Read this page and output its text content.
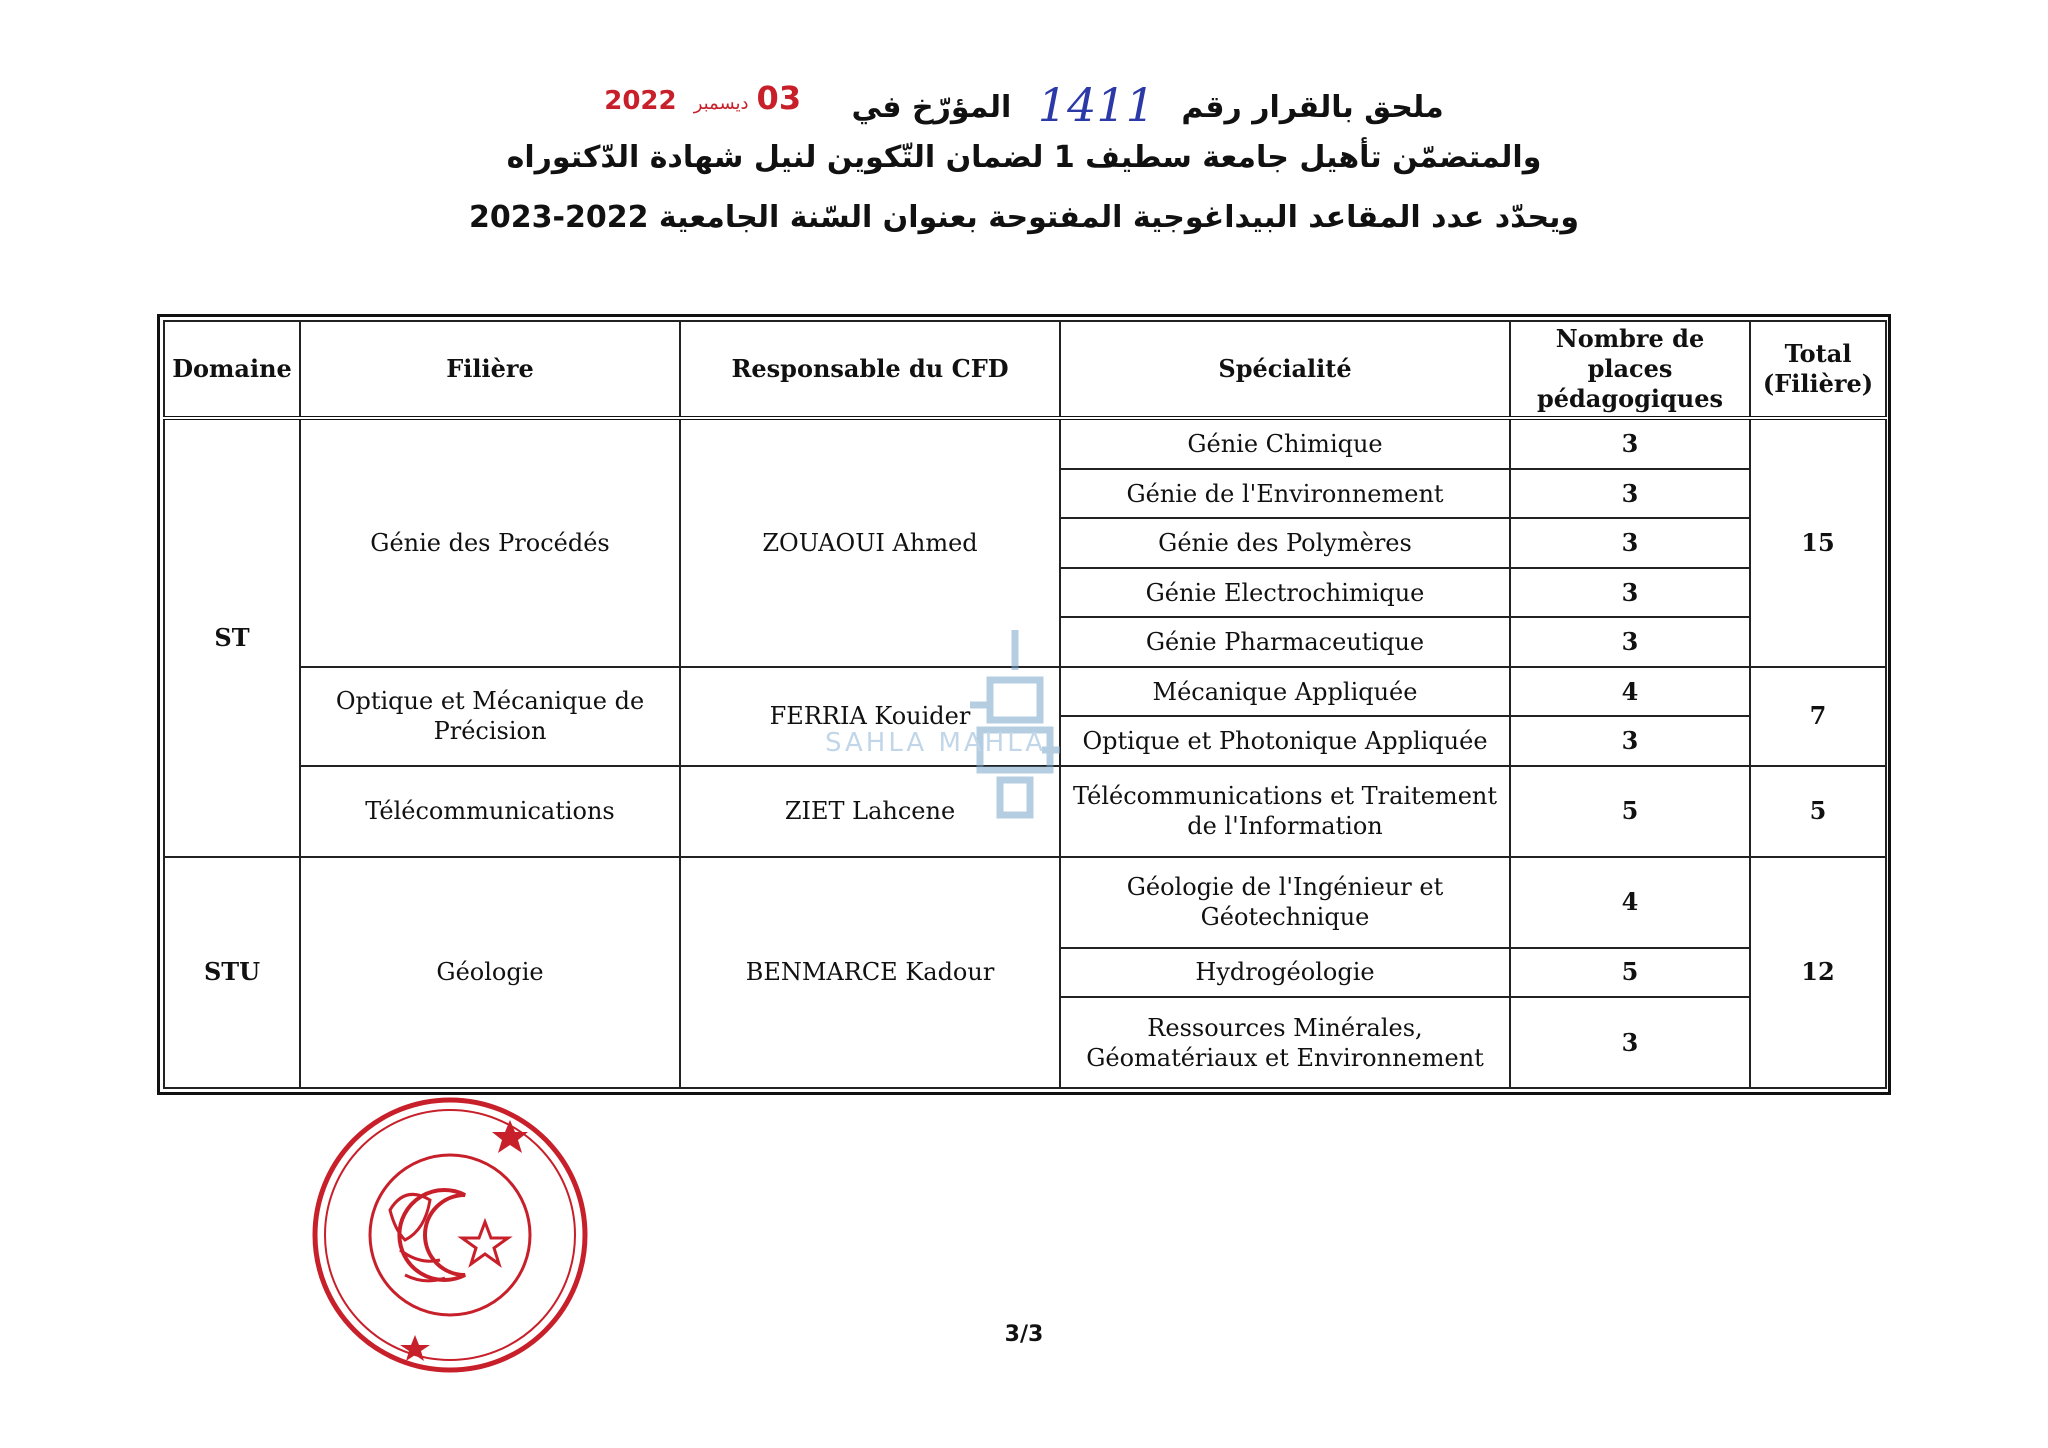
ملحق بالقرار رقم 1411 المؤرّخ في 03ديسمبر 2022
والمتضمّن تأهيل جامعة سطيف 1 لضمان التّكوين لنيل شهادة الدّكتوراه
ويحدّد عدد المقاعد البيداغوجية المفتوحة بعنوان السّنة الجامعية 2022-2023
Domaine	Filière	Responsable du CFD	Spécialité	Nombre de places pédagogiques	Total (Filière)
ST	Génie des Procédés	ZOUAOUI Ahmed	Génie Chimique	3	15
			Génie de l'Environnement	3	
			Génie des Polymères	3	
			Génie Electrochimique	3	
			Génie Pharmaceutique	3	
	Optique et Mécanique de Précision	FERRIA Kouider	Mécanique Appliquée	4	7
			Optique et Photonique Appliquée	3	
	Télécommunications	ZIET Lahcene	Télécommunications et Traitement de l'Information	5	5
STU	Géologie	BENMARCE Kadour	Géologie de l'Ingénieur et Géotechnique	4	12
			Hydrogéologie	5	
			Ressources Minérales, Géomatériaux et Environnement	3	
SAHLA MAHLA
3/3
